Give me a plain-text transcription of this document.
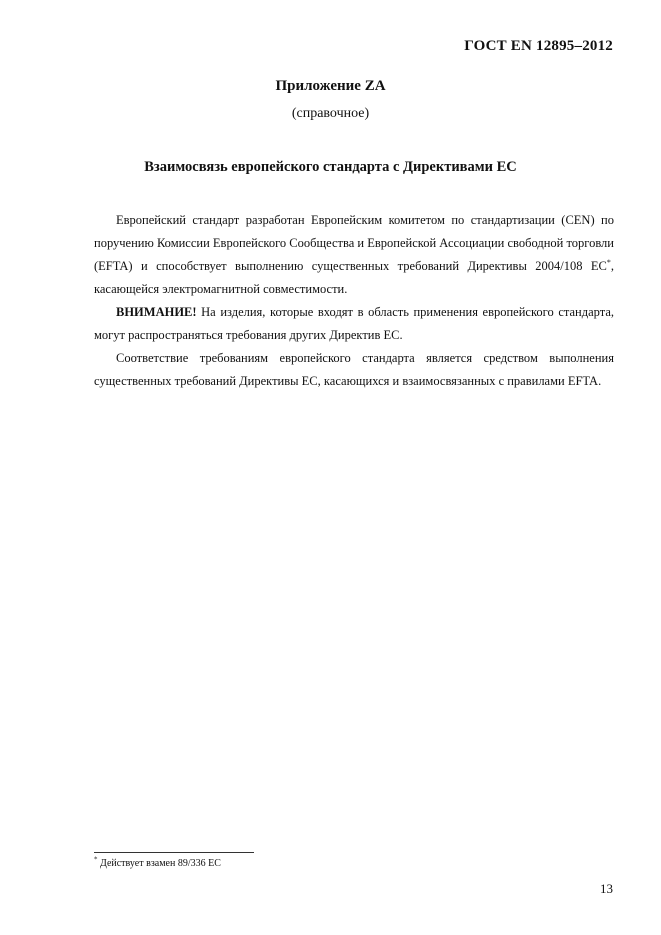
ГОСТ EN 12895–2012
Приложение ZA
(справочное)
Взаимосвязь европейского стандарта с Директивами ЕС

Европейский стандарт разработан Европейским комитетом по стандартизации (CEN) по поручению Комиссии Европейского Сообщества и Европейской Ассоциации свободной торговли (EFTA) и способствует выполнению существенных требований Директивы 2004/108 ЕС*, касающейся электромагнитной совместимости.

ВНИМАНИЕ! На изделия, которые входят в область применения европейского стандарта, могут распространяться требования других Директив ЕС.

Соответствие требованиям европейского стандарта является средством выполнения существенных требований Директивы ЕС, касающихся и взаимосвязанных с правилами EFTA.

* Действует взамен 89/336 ЕС
13
